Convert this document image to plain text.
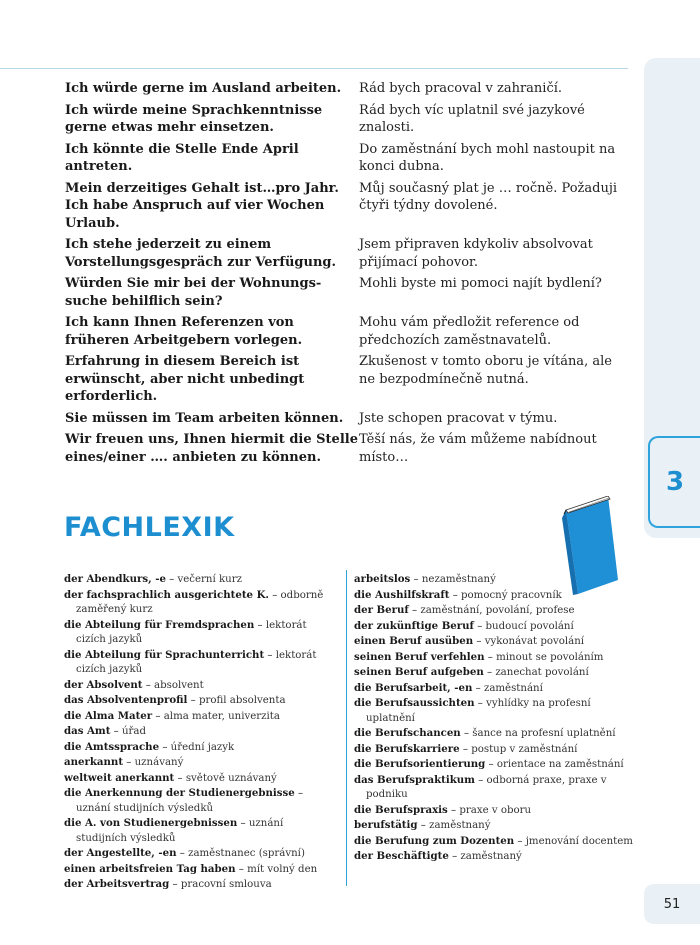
3
Ich würde gerne im Ausland arbeiten.	Rád bych pracoval v zahraničí.
Ich würde meine Sprachkenntnisse gerne etwas mehr einsetzen.
Rád bych víc uplatnil své jazykové znalosti.
Ich könnte die Stelle Ende April antreten.
Do zaměstnání bych mohl nastoupit na konci dubna.
Mein derzeitiges Gehalt ist…pro Jahr. Ich habe Anspruch auf vier Wochen Urlaub.
Můj současný plat je … ročně. Požaduji čtyři týdny dovolené.
Ich stehe jederzeit zu einem Vorstellungsgespräch zur Verfügung.
Jsem připraven kdykoliv absolvovat přijímací pohovor.
Würden Sie mir bei der Wohnungs-suche behilflich sein?
Mohli byste mi pomoci najít bydlení?
Ich kann Ihnen Referenzen von früheren Arbeitgebern vorlegen.
Mohu vám předložit reference od předchozích zaměstnavatelů.
Erfahrung in diesem Bereich ist erwünscht, aber nicht unbedingt erforderlich.
Zkušenost v tomto oboru je vítána, ale ne bezpodmínečně nutná.
Sie müssen im Team arbeiten können.	Jste schopen pracovat v týmu.
Wir freuen uns, Ihnen hiermit die Stelle eines/einer …. anbieten zu können.
Těší nás, že vám můžeme nabídnout místo…
FACHLEXIK
der Abendkurs, -e – večerní kurz
der fachsprachlich ausgerichtete K. – odborně zaměřený kurz
die Abteilung für Fremdsprachen – lektorát cizích jazyků
die Abteilung für Sprachunterricht – lektorát cizích jazyků
der Absolvent – absolvent
das Absolventenprofil – profil absolventa
die Alma Mater – alma mater, univerzita
das Amt – úřad
die Amtssprache – úřední jazyk
anerkannt – uznávaný
weltweit anerkannt – světově uznávaný
die Anerkennung der Studienergebnisse – uznání studijních výsledků
die A. von Studienergebnissen – uznání studijních výsledků
der Angestellte, -en – zaměstnanec (správní)
einen arbeitsfreien Tag haben – mít volný den
der Arbeitsvertrag – pracovní smlouva
arbeitslos – nezaměstnaný
die Aushilfskraft – pomocný pracovník
der Beruf – zaměstnání, povolání, profese
der zukünftige Beruf – budoucí povolání
einen Beruf ausüben – vykonávat povolání
seinen Beruf verfehlen – minout se povoláním
seinen Beruf aufgeben – zanechat povolání
die Berufsarbeit, -en – zaměstnání
die Berufsaussichten – vyhlídky na profesní uplatnění
die Berufschancen – šance na profesní uplatnění
die Berufskarriere – postup v zaměstnání
die Berufsorientierung – orientace na zaměstnání
das Berufspraktikum – odborná praxe, praxe v podniku
die Berufspraxis – praxe v oboru
berufstätig – zaměstnaný
die Berufung zum Dozenten – jmenování docentem
der Beschäftigte – zaměstnaný
51
